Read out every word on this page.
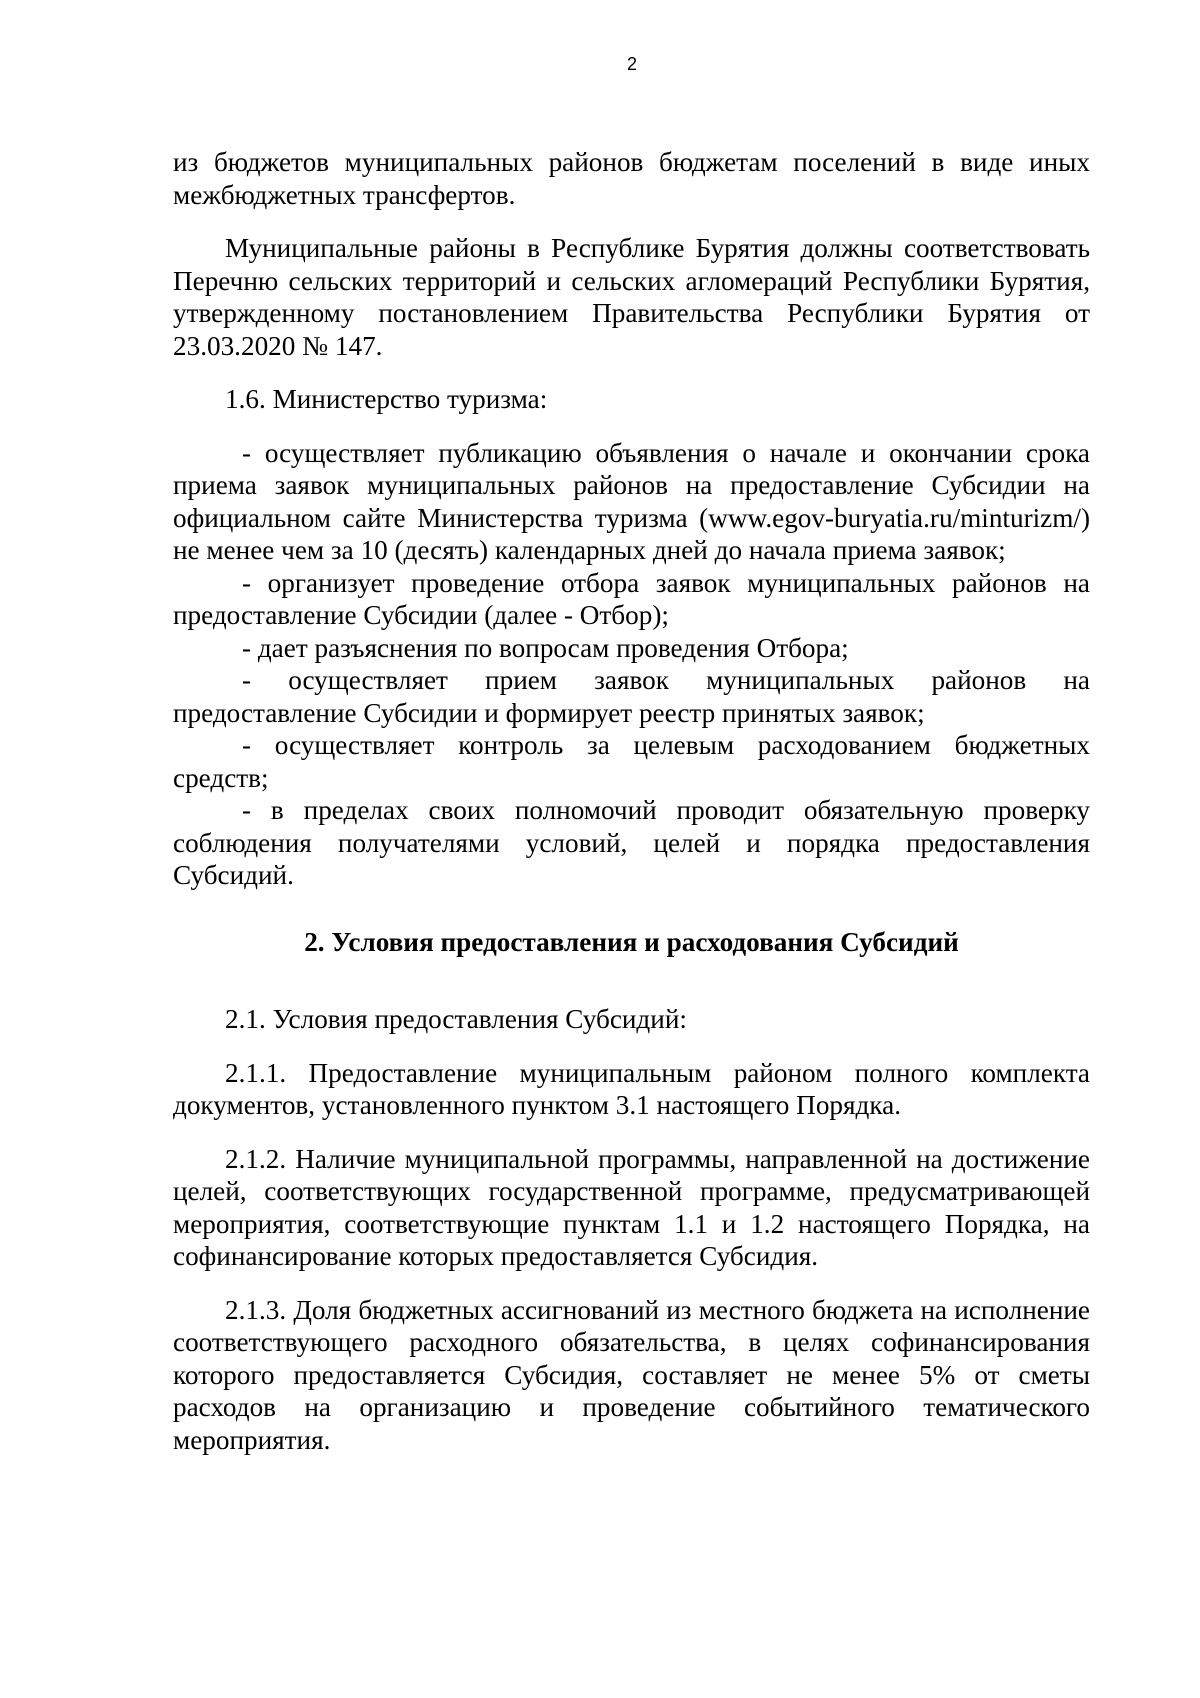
2

из бюджетов муниципальных районов бюджетам поселений в виде иных межбюджетных трансфертов.

Муниципальные районы в Республике Бурятия должны соответствовать Перечню сельских территорий и сельских агломераций Республики Бурятия, утвержденному постановлением Правительства Республики Бурятия от 23.03.2020 № 147.

1.6. Министерство туризма:

- осуществляет публикацию объявления о начале и окончании срока приема заявок муниципальных районов на предоставление Субсидии на официальном сайте Министерства туризма (www.egov-buryatia.ru/minturizm/) не менее чем за 10 (десять) календарных дней до начала приема заявок;

- организует проведение отбора заявок муниципальных районов на предоставление Субсидии (далее - Отбор);

- дает разъяснения по вопросам проведения Отбора;

- осуществляет прием заявок муниципальных районов на предоставление Субсидии и формирует реестр принятых заявок;

- осуществляет контроль за целевым расходованием бюджетных средств;

- в пределах своих полномочий проводит обязательную проверку соблюдения получателями условий, целей и порядка предоставления Субсидий.

2. Условия предоставления и расходования Субсидий

2.1. Условия предоставления Субсидий:

2.1.1. Предоставление муниципальным районом полного комплекта документов, установленного пунктом 3.1 настоящего Порядка.

2.1.2. Наличие муниципальной программы, направленной на достижение целей, соответствующих государственной программе, предусматривающей мероприятия, соответствующие пунктам 1.1 и 1.2 настоящего Порядка, на софинансирование которых предоставляется Субсидия.

2.1.3. Доля бюджетных ассигнований из местного бюджета на исполнение соответствующего расходного обязательства, в целях софинансирования которого предоставляется Субсидия, составляет не менее 5% от сметы расходов на организацию и проведение событийного тематического мероприятия.
